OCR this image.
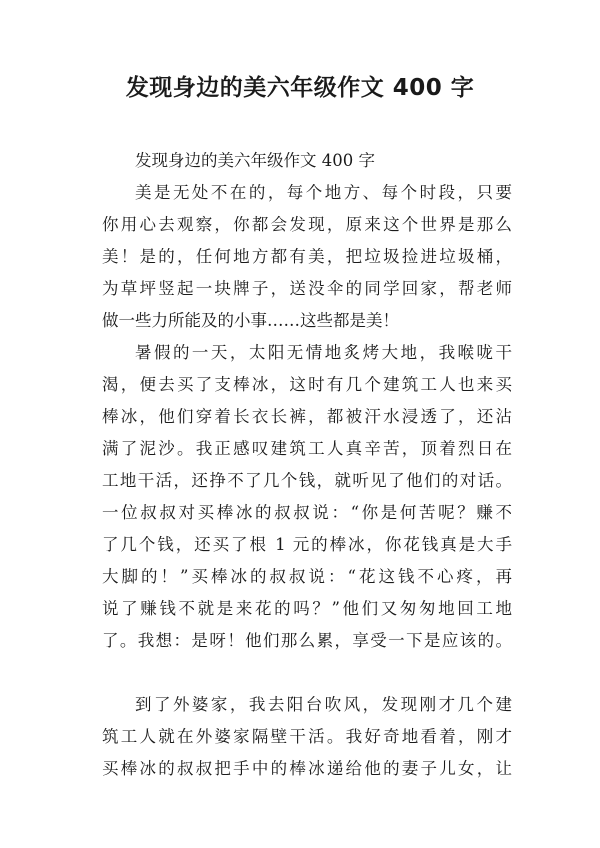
发现身边的美六年级作文 400 字
发现身边的美六年级作文 400 字
美是无处不在的，每个地方、每个时段，只要
你用心去观察，你都会发现，原来这个世界是那么
美！是的，任何地方都有美，把垃圾捡进垃圾桶，
为草坪竖起一块牌子，送没伞的同学回家，帮老师
做一些力所能及的小事……这些都是美！
暑假的一天，太阳无情地炙烤大地，我喉咙干
渴，便去买了支棒冰，这时有几个建筑工人也来买
棒冰，他们穿着长衣长裤，都被汗水浸透了，还沾
满了泥沙。我正感叹建筑工人真辛苦，顶着烈日在
工地干活，还挣不了几个钱，就听见了他们的对话。
一位叔叔对买棒冰的叔叔说：“你是何苦呢？赚不
了几个钱，还买了根 1 元的棒冰，你花钱真是大手
大脚的！”买棒冰的叔叔说：“花这钱不心疼，再
说了赚钱不就是来花的吗？”他们又匆匆地回工地
了。我想：是呀！他们那么累，享受一下是应该的。
到了外婆家，我去阳台吹风，发现刚才几个建
筑工人就在外婆家隔壁干活。我好奇地看着，刚才
买棒冰的叔叔把手中的棒冰递给他的妻子儿女，让
